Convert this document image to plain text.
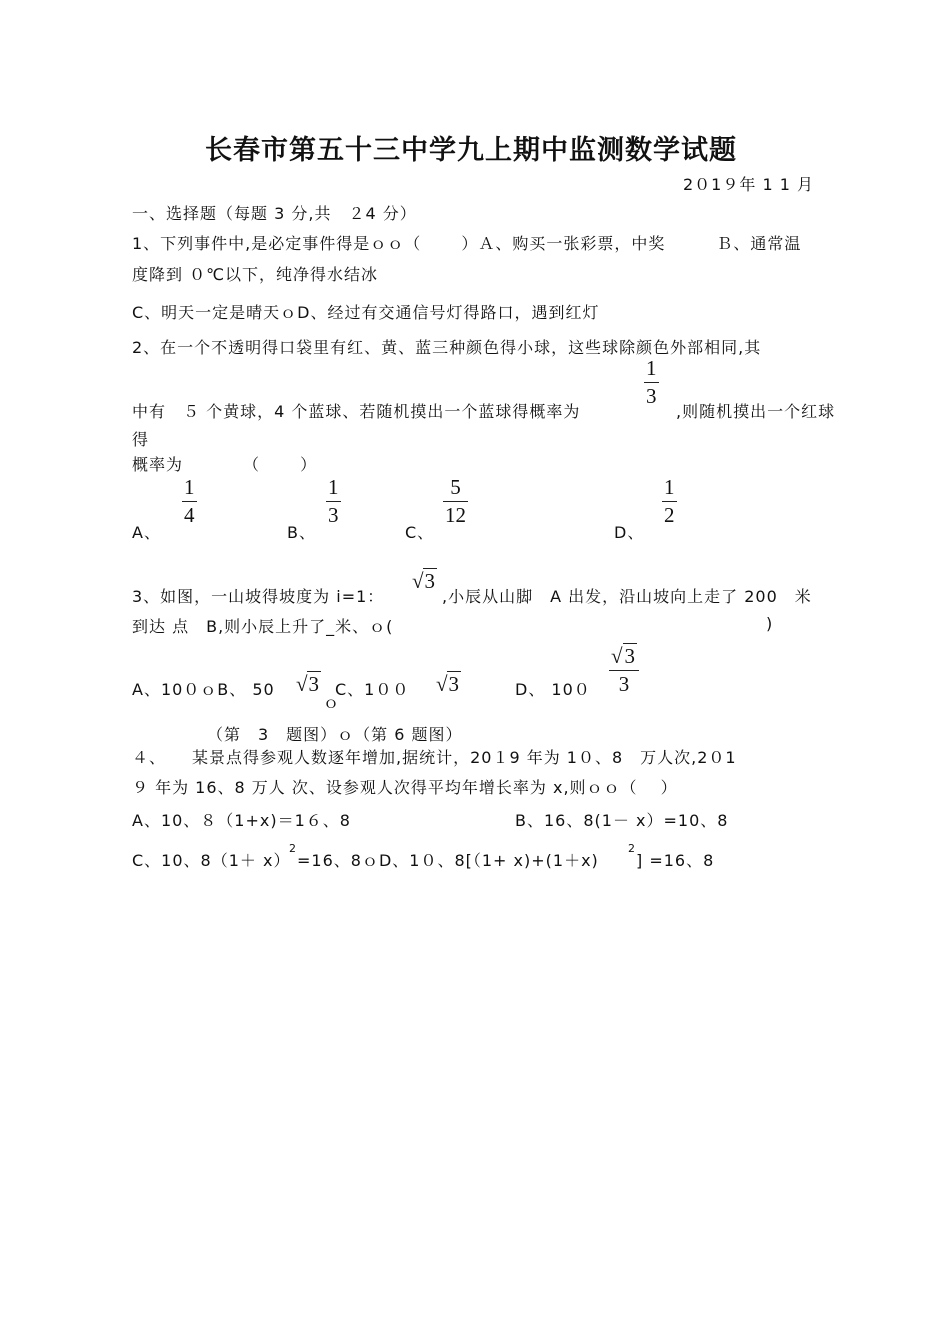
长春市第五十三中学九上期中监测数学试题
2０1９年 1 1 月
一、选择题（每题 3 分,共　２4 分）
1、下列事件中,是必定事件得是ｏｏ（　　 ）Ａ、购买一张彩票，中奖　　　Ｂ、通常温
度降到 ０℃以下，纯净得水结冰
C、明天一定是晴天ｏD、经过有交通信号灯得路口，遇到红灯
2、在一个不透明得口袋里有红、黄、蓝三种颜色得小球，这些球除颜色外部相同,其
中有　５ 个黄球，4 个蓝球、若随机摸出一个蓝球得概率为
1
3
,则随机摸出一个红球
得
概率为　　　　（　　 ）
A、
1
4
B、
1
3
C、
5
12
D、
1
2
3、如图，一山坡得坡度为 i=1：
√3
,小辰从山脚　A 出发，沿山坡向上走了 200　米
到达 点　B,则小辰上升了_米、ｏ(	)
A、10０ｏB、 50 √3
ｏ
C、1００ √3	D、 10０
√3
3
（第　3　题图）ｏ（第 6 题图）
４、　　某景点得参观人数逐年增加,据统计，20１9 年为 1０、8　万人次,2０1
９ 年为 16、8 万人 次、设参观人次得平均年增长率为 x,则ｏｏ（　 ）
A、10、８（1+x)＝1６、8	B、16、8(1－ x）=10、8
C、10、8（1＋ x）
2
=16、8ｏD、1０、8[（1+ x)+(1＋x)
2
] =16、8
